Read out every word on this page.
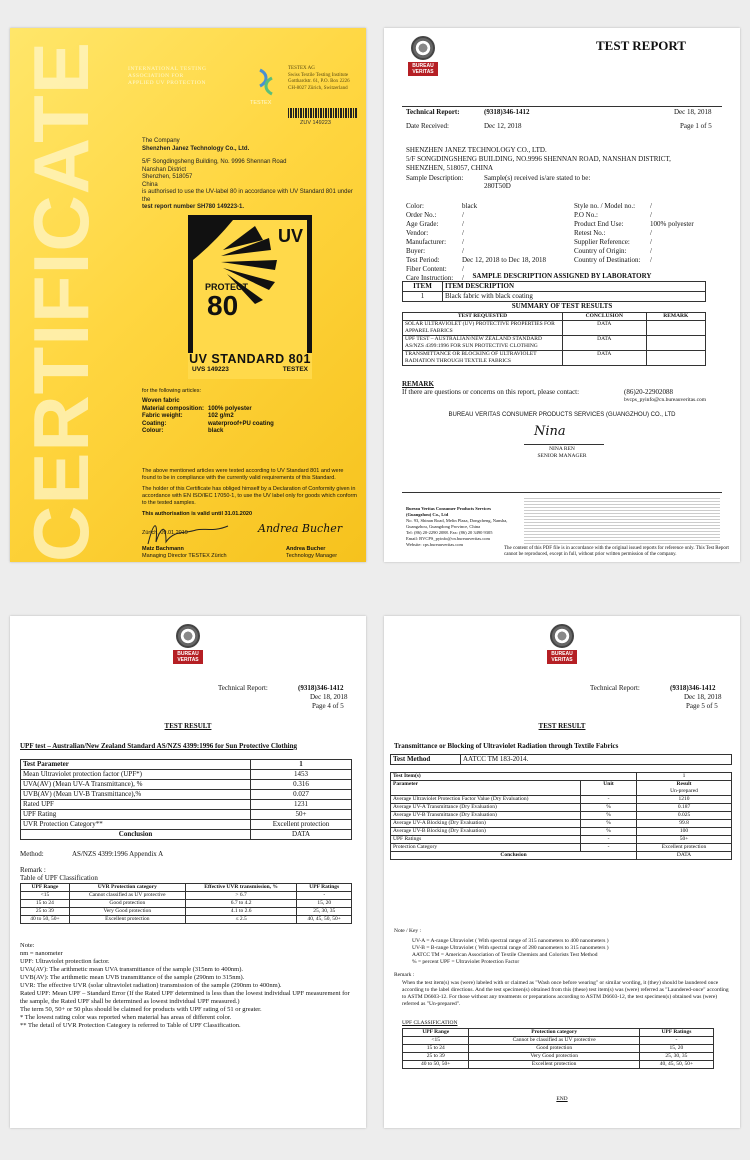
CERTIFICATE	INTERNATIONAL TESTING
ASSOCIATION FOR
APPLIED UV PROTECTION
TESTEX
TESTEX AG
Swiss Textile Testing Institute
Gotthardstr. 61, P.O. Box 2226
CH-8027 Zürich, Switzerland
ZUV 149223
The Company
Shenzhen Janez Technology Co., Ltd.
5/F Songdingsheng Building, No. 9996 Shennan Road
Nanshan District
Shenzhen, 518057
China
is authorised to use the UV-label 80 in accordance with UV Standard 801 under the
test report number SH780 149223-1.
UV
PROTECT
80
UV STANDARD 801
UVS 149223	TESTEX
for the following articles:
Woven fabric
Material composition: 100% polyester
Fabric weight:	102 g/m2
Coating:	waterproof+PU coating
Colour:	black
The above mentioned articles were tested according to UV Standard 801 and were found to be in compliance with the currently valid requirements of this Standard.
The holder of this Certificate has obliged himself by a Declaration of Conformity given in accordance with EN ISO/IEC 17050-1, to use the UV label only for goods which conform to the tested samples.
This authorisation is valid until 31.01.2020
Zürich, 09.01.2019
Matz Bachmann
Managing Director TESTEX Zürich
Andrea Bucher
Andrea Bucher
Technology Manager
BUREAU VERITAS
TEST REPORT
Technical Report:	(9318)346-1412	Dec 18, 2018
Date Received:	Dec 12, 2018	Page 1 of 5
SHENZHEN JANEZ TECHNOLOGY CO., LTD.
5/F SONGDINGSHENG BUILDING, NO.9996 SHENNAN ROAD, NANSHAN DISTRICT,
SHENZHEN, 518057, CHINA
Sample Description:	Sample(s) received is/are stated to be:
280T50D
Color:	black
Order No.:	/
Age Grade:	/
Vendor:	/
Manufacturer:	/
Buyer:	/
Test Period:	Dec 12, 2018 to Dec 18, 2018
Fiber Content:	/
Care Instruction:	/
Style no. / Model no.:	/
P.O No.:	/
Product End Use:	100% polyester
Retest No.:	/
Supplier Reference:	/
Country of Origin:	/
Country of Destination:	/
SAMPLE DESCRIPTION ASSIGNED BY LABORATORY
ITEM	ITEM DESCRIPTION
1	Black fabric with black coating
SUMMARY OF TEST RESULTS
TEST REQUESTED	CONCLUSION	REMARK
SOLAR ULTRAVIOLET (UV) PROTECTIVE PROPERTIES FOR APPAREL FABRICS	DATA	
UPF TEST – AUSTRALIAN/NEW ZEALAND STANDARD AS/NZS 4399:1996 FOR SUN PROTECTIVE CLOTHING	DATA	
TRANSMITTANCE OR BLOCKING OF ULTRAVIOLET RADIATION THROUGH TEXTILE FABRICS	DATA	
REMARK
If there are questions or concerns on this report, please contact:	(86)20-22902088
bvcps_pyinfo@cn.bureauveritas.com
BUREAU VERITAS CONSUMER PRODUCTS SERVICES (GUANGZHOU) CO., LTD
Nina
NINA REN
SENIOR MANAGER
Bureau Veritas Consumer Products Services
(Guangzhou) Co., Ltd
No. 93, Shinan Road, Melin Plaza, Dongcheng, Nansha,
Guangzhou, Guangdong Province, China
Tel: (86) 20-2290 2088. Fax: (86) 20 3490 9305
Email: BVCPS_pyinfo@cn.bureauveritas.com
Website: cps.bureauveritas.com
The content of this PDF file is in accordance with the original issued reports for reference only. This Test Report cannot be reproduced, except in full, without prior written permission of the company.
BUREAU VERITAS
Technical Report:	(9318)346-1412
Dec 18, 2018
Page 4 of 5
TEST RESULT
UPF test – Australian/New Zealand Standard AS/NZS 4399:1996 for Sun Protective Clothing
Test Parameter	1
Mean Ultraviolet protection factor (UPF*)	1453
UVA(AV) (Mean UV-A Transmittance), %	0.316
UVB(AV) (Mean UV-B Transmittance),%	0.027
Rated UPF	1231
UPF Rating	50+
UVR Protection Category**	Excellent protection
Conclusion	DATA
Method:	AS/NZS 4399:1996 Appendix A
Remark :
Table of UPF Classification
UPF Range	UVR Protection category	Effective UVR transmission, %	UPF Ratings
<15	Cannot classified as UV protective	> 6.7	-
15 to 24	Good protection	6.7 to 4.2	15, 20
25 to 39	Very Good protection	4.1 to 2.6	25, 30, 35
40 to 50, 50+	Excellent protection	≤ 2.5	40, 45, 50, 50+
Note:
nm = nanometer
UPF: Ultraviolet protection factor.
UVA(AV): The arithmetic mean UVA transmittance of the sample (315nm to 400nm).
UVB(AV): The arithmetic mean UVB transmittance of the sample (290nm to 315nm).
UVR: The effective UVR (solar ultraviolet radiation) transmission of the sample (290nm to 400nm).
Rated UPF: Mean UPF – Standard Error (If the Rated UPF determined is less than the lowest individual UPF measurement for the sample, the Rated UPF shall be determined as lowest individual UPF measured.)
The term 50, 50+ or 50 plus should be claimed for products with UPF rating of 51 or greater.
* The lowest rating color was reported when material has areas of different color.
** The detail of UVR Protection Category is referred to Table of UPF Classification.
BUREAU VERITAS
Technical Report:	(9318)346-1412
Dec 18, 2018
Page 5 of 5
TEST RESULT
Transmittance or Blocking of Ultraviolet Radiation through Textile Fabrics
Test Method	AATCC TM 183-2014.
Test Item(s)		1
Parameter	Unit	Result
Un-prepared

Average Ultraviolet Protection Factor Value (Dry Evaluation)	-	1210
Average UV-A Transmittance (Dry Evaluation)	%	0.187
Average UV-B Transmittance (Dry Evaluation)	%	0.025
Average UV-A Blocking (Dry Evaluation)	%	99.8
Average UV-B Blocking (Dry Evaluation)	%	100
UPF Ratings	-	50+
Protection Category	-	Excellent protection
Conclusion		DATA
Note / Key :
UV-A = A-range Ultraviolet ( With spectral range of 315 nanometers to 400 nanometers )
UV-B = B-range Ultraviolet ( With spectral range of 280 nanometers to 315 nanometers )
AATCC TM = American Association of Textile Chemists and Colorists Test Method
% = percent UPF = Ultraviolet Protection Factor
Remark :
When the test item(s) was (were) labeled with or claimed as "Wash once before wearing" or similar wording, it (they) should be laundered once according to the label directions. And the test specimen(s) obtained from this (these) test item(s) was (were) referred as "Laundered-once" according to ASTM D6603-12. For those without any treatments or preparations according to ASTM D6603-12, the test specimen(s) obtained was (were) referred as "Un-prepared".
UPF CLASSIFICATION
UPF Range	Protection category	UPF Ratings
<15	Cannot be classified as UV protective	-
15 to 24	Good protection	15, 20
25 to 39	Very Good protection	25, 30, 35
40 to 50, 50+	Excellent protection	40, 45, 50, 50+
END
